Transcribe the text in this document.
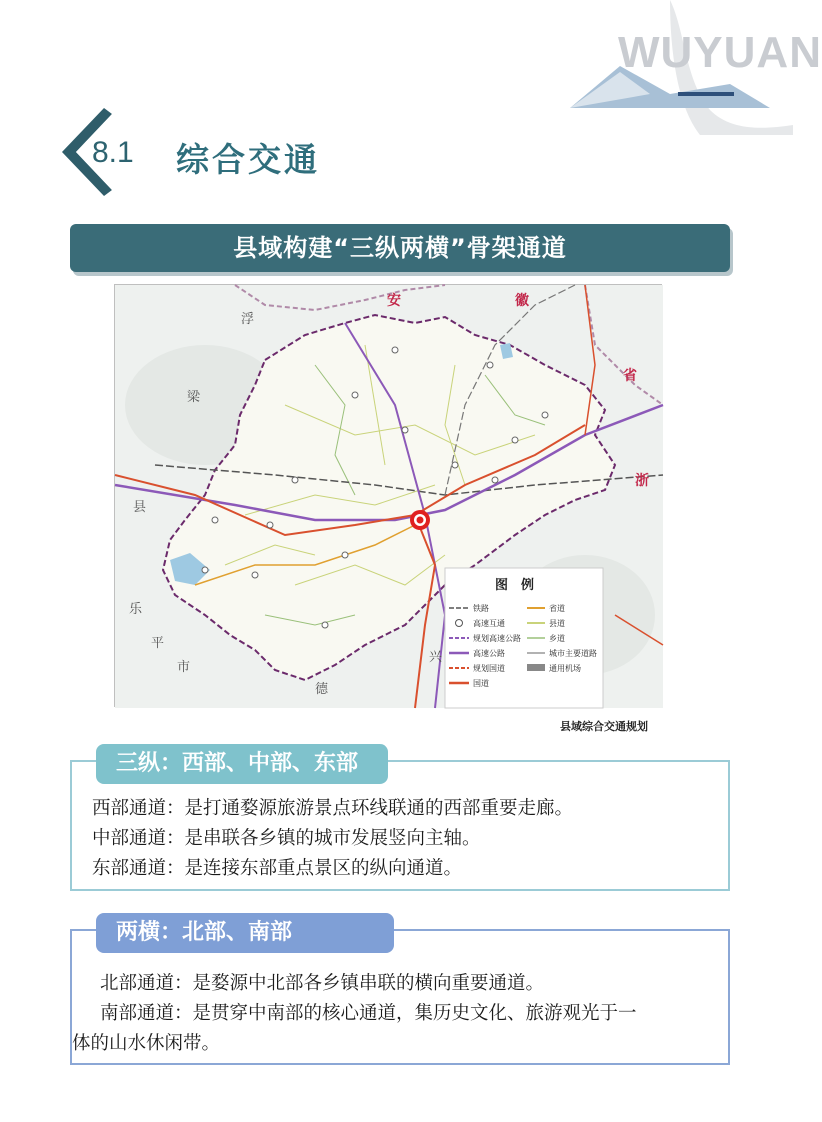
WUYUAN
8.1 综合交通
县域构建“三纵两横”骨架通道
安	徽
省
浙
浮
梁
县
乐
平
市
德
兴
图　例
铁路
高速互通
规划高速公路
高速公路
规划国道
国道
省道
县道
乡道
城市主要道路
通用机场
县域综合交通规划
三纵：西部、中部、东部

西部通道：是打通婺源旅游景点环线联通的西部重要走廊。

中部通道：是串联各乡镇的城市发展竖向主轴。

东部通道：是连接东部重点景区的纵向通道。

两横：北部、南部

北部通道：是婺源中北部各乡镇串联的横向重要通道。

南部通道：是贯穿中南部的核心通道，集历史文化、旅游观光于一

体的山水休闲带。
